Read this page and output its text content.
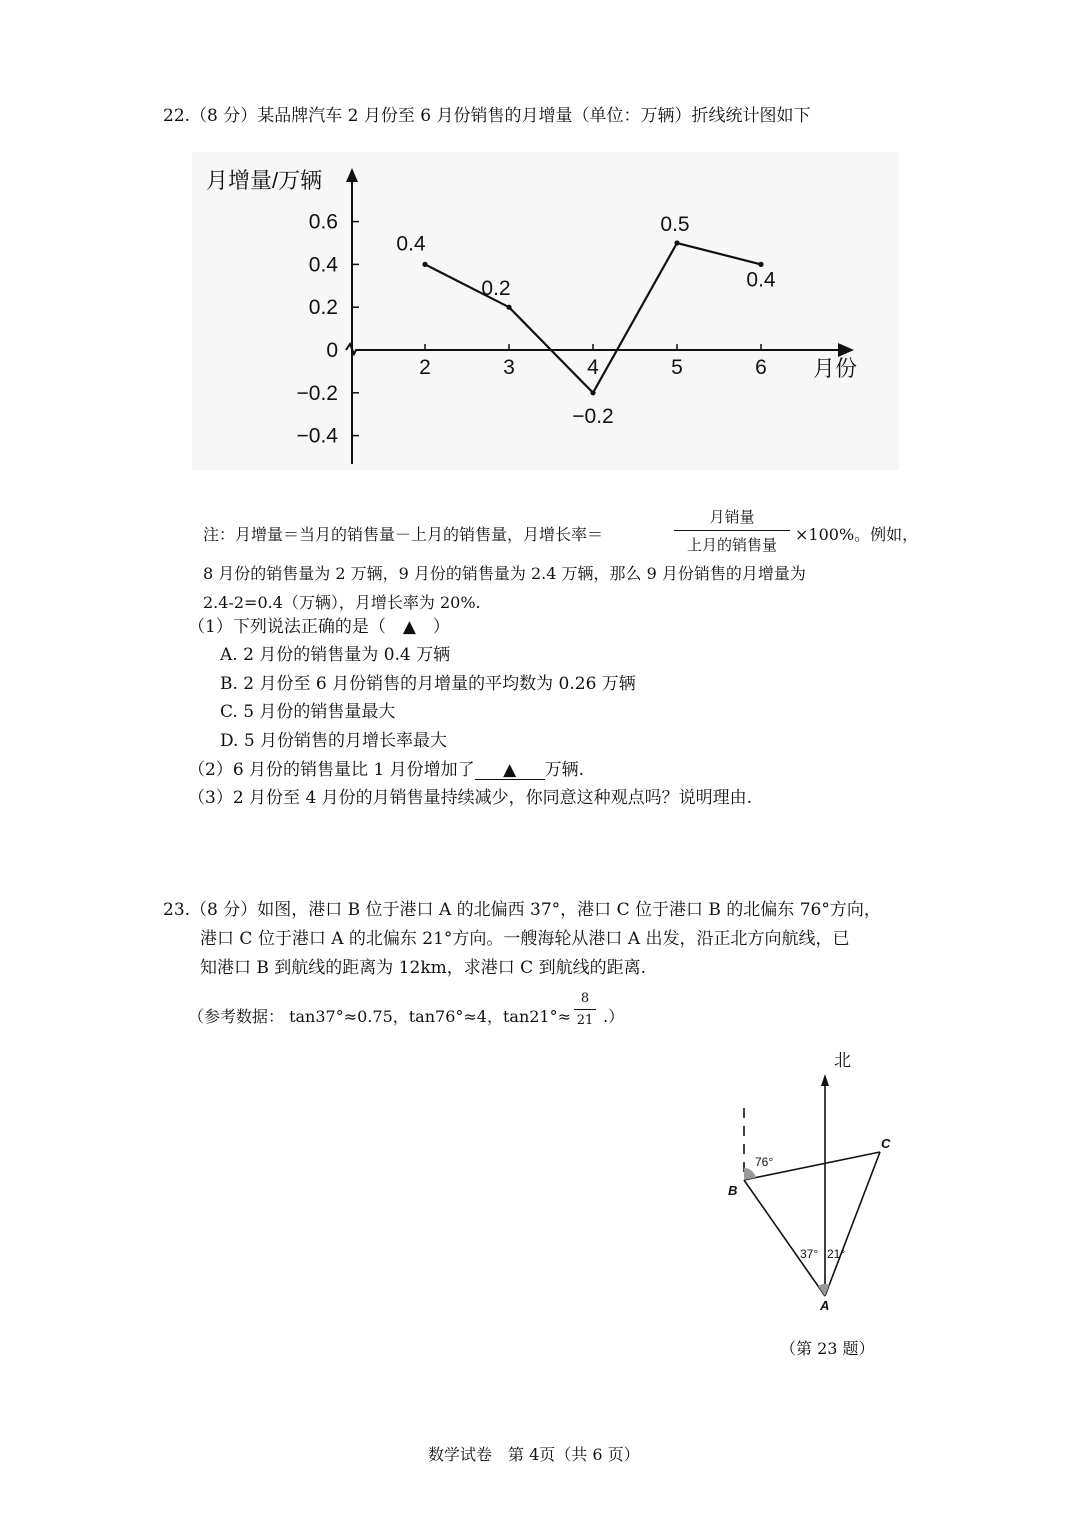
22.（8 分）某品牌汽车 2 月份至 6 月份销售的月增量（单位：万辆）折线统计图如下
月增量/万辆
月份
0.6
0.4
0.2
0
−0.2
−0.4
2	3	4	5	6
0.4
0.2
−0.2
0.5
0.4
注：月增量＝当月的销售量－上月的销售量，月增长率＝
月销量
上月的销售量
×100%。例如，
8 月份的销售量为 2 万辆，9 月份的销售量为 2.4 万辆，那么 9 月份销售的月增量为
2.4-2=0.4（万辆），月增长率为 20%.
（1）下列说法正确的是（　▲　）
A. 2 月份的销售量为 0.4 万辆
B. 2 月份至 6 月份销售的月增量的平均数为 0.26 万辆
C. 5 月份的销售量最大
D. 5 月份销售的月增长率最大
（2）6 月份的销售量比 1 月份增加了 ▲ 万辆.
（3）2 月份至 4 月份的月销售量持续减少，你同意这种观点吗？说明理由.
23.（8 分）如图，港口 B 位于港口 A 的北偏西 37°，港口 C 位于港口 B 的北偏东 76°方向，
港口 C 位于港口 A 的北偏东 21°方向。一艘海轮从港口 A 出发，沿正北方向航线，已
知港口 B 到航线的距离为 12km，求港口 C 到航线的距离.
（参考数据： tan37°≈0.75，tan76°≈4，tan21°≈
8
21 .）
北
76°
37° 21°
B
C
A
（第 23 题）
数学试卷　第 4页（共 6 页）
